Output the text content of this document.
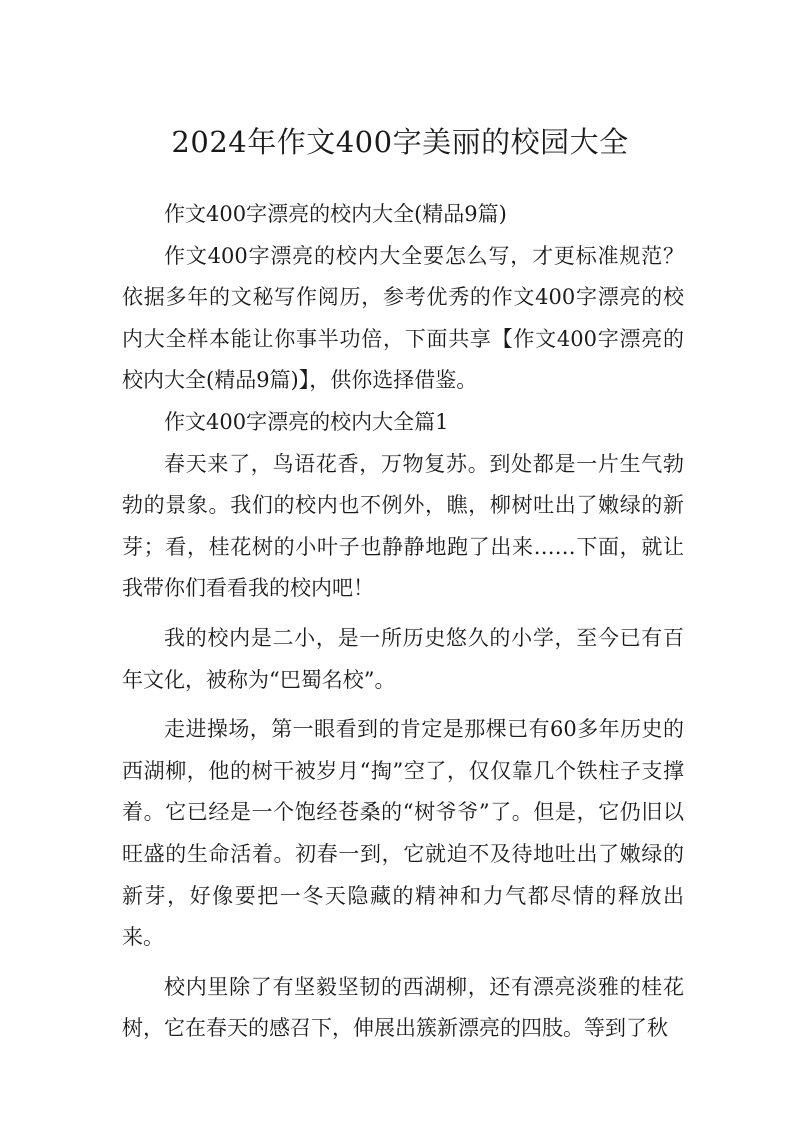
2024年作文400字美丽的校园大全

作文400字漂亮的校内大全(精品9篇)

作文400字漂亮的校内大全要怎么写，才更标准规范？依据多年的文秘写作阅历，参考优秀的作文400字漂亮的校内大全样本能让你事半功倍，下面共享【作文400字漂亮的校内大全(精品9篇)】，供你选择借鉴。

作文400字漂亮的校内大全篇1

春天来了，鸟语花香，万物复苏。到处都是一片生气勃勃的景象。我们的校内也不例外，瞧，柳树吐出了嫩绿的新芽；看，桂花树的小叶子也静静地跑了出来……下面，就让我带你们看看我的校内吧！

我的校内是二小，是一所历史悠久的小学，至今已有百年文化，被称为“巴蜀名校”。

走进操场，第一眼看到的肯定是那棵已有60多年历史的西湖柳，他的树干被岁月“掏”空了，仅仅靠几个铁柱子支撑着。它已经是一个饱经苍桑的“树爷爷”了。但是，它仍旧以旺盛的生命活着。初春一到，它就迫不及待地吐出了嫩绿的新芽，好像要把一冬天隐藏的精神和力气都尽情的释放出来。

校内里除了有坚毅坚韧的西湖柳，还有漂亮淡雅的桂花树，它在春天的感召下，伸展出簇新漂亮的四肢。等到了秋
